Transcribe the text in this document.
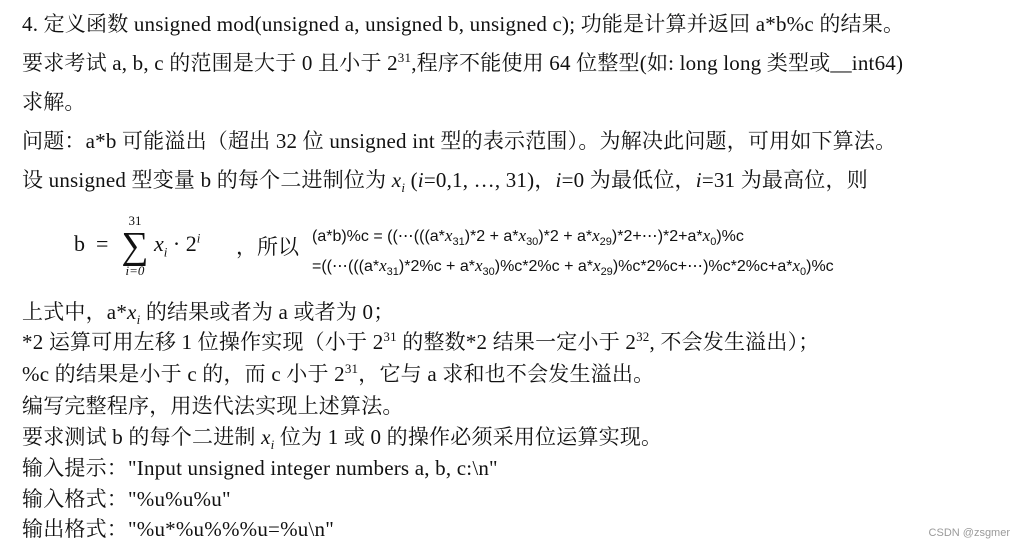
4. 定义函数 unsigned mod(unsigned a, unsigned b, unsigned c); 功能是计算并返回 a*b%c 的结果。
要求考试 a, b, c 的范围是大于 0 且小于 $2^{31}$,程序不能使用 64 位整型(如: long long 类型或__int64)
求解。
问题：a*b 可能溢出（超出 32 位 unsigned int 型的表示范围）。为解决此问题，可用如下算法。
设 unsigned 型变量 b 的每个二进制位为 $x_i$ (i=0,1, …, 31)，i=0 为最低位，i=31 为最高位，则
b =
31
∑
i=0
$x_i \cdot 2^i$ ，所以 $(a*b)\%c = ((\cdots(((a*x_{31})*2 + a*x_{30})*2$ + $a*x_{29})*2+\cdots)*2+a*x_0)\%c$
$=((\cdots(((a*x_{31})*2\%c + a*x_{30})\%c*2\%c$ + $a*x_{29})\%c*2\%c+\cdots)\%c*2\%c+a*x_0)\%c$
上式中，$a*x_i$ 的结果或者为 a 或者为 0；
*2 运算可用左移 1 位操作实现（小于 $2^{31}$ 的整数*2 结果一定小于 $2^{32}$, 不会发生溢出）；
%c 的结果是小于 c 的，而 c 小于 $2^{31}$，它与 a 求和也不会发生溢出。
编写完整程序，用迭代法实现上述算法。
要求测试 b 的每个二进制 $x_i$ 位为 1 或 0 的操作必须采用位运算实现。
输入提示："Input unsigned integer numbers a, b, c:\n"
输入格式："%u%u%u"
输出格式："%u*%u%%%u=%u\n"	CSDN @zsgmer
